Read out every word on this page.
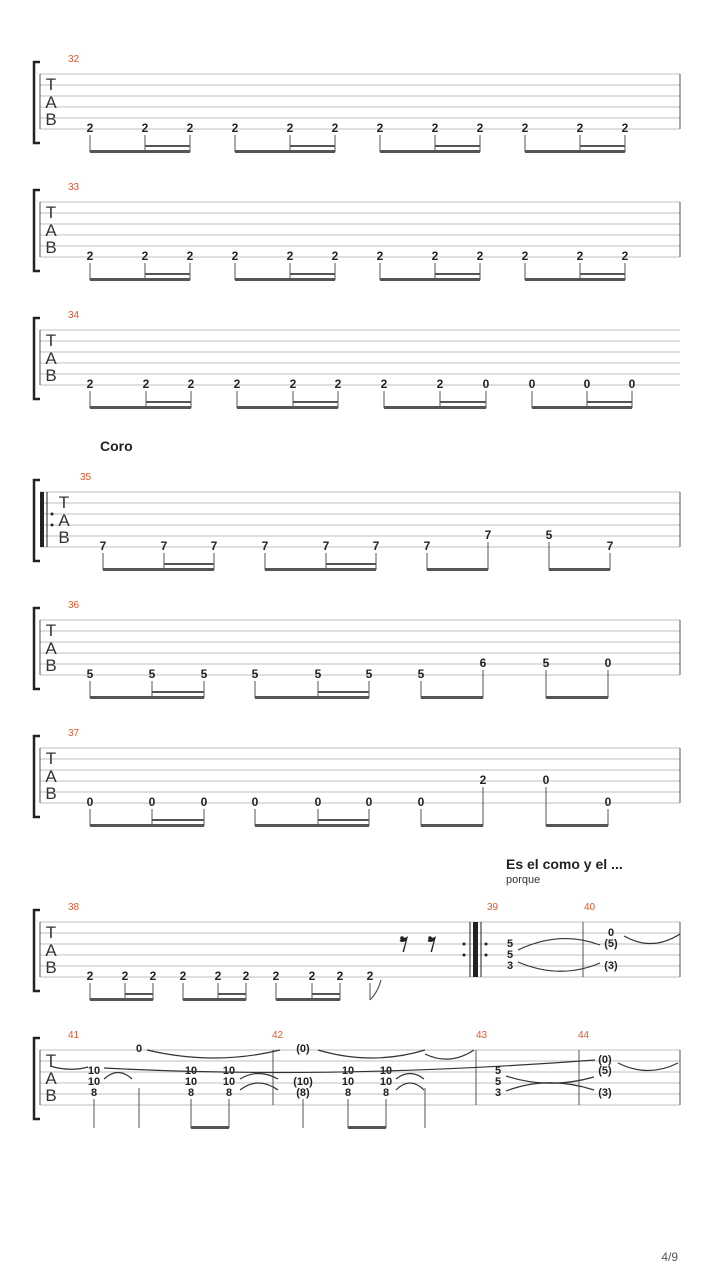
32
T
A
B 2	2	2	2	2	2	2	2	2	2	2	2
33
T
A
B 2	2	2	2	2	2	2	2	2	2	2	2
34
T
A
B 2	2	2	2	2	2	2	2	0	0	0	0
35
T
A
B 7	7	7	7	7	7	7
7	5
7
36
T
A
B 5	5	5	5	5	5	5
6	5	0
37
T
A
B 0	0	0	0	0	0	0
2	0
0
38	39	40
T
A
B 2 2 2 2 2 2 2 2 2 2
5
5
3
0
(5)
(3)
41	42	43	44
T
A
B
10
10
8
0
10
10
8
10
10
8
(0)
(10)
(8)
10
10
10
10
8	8
5
5
3
(0)
(5)
(3)
Coro
Es el como y el ...
porque
4/9
